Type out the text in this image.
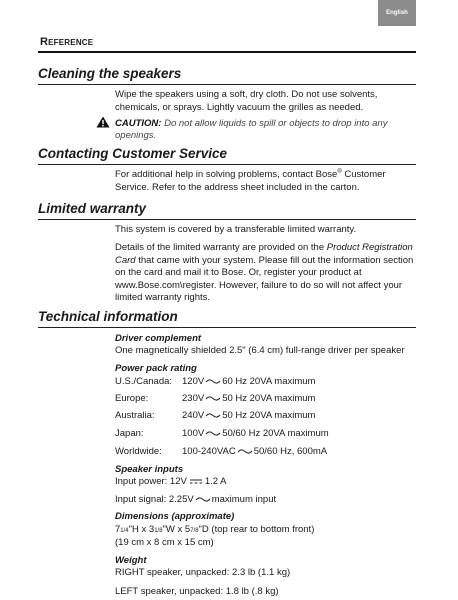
English
Reference
Cleaning the speakers

Wipe the speakers using a soft, dry cloth. Do not use solvents, chemicals, or sprays. Lightly vacuum the grilles as needed.

CAUTION: Do not allow liquids to spill or objects to drop into any openings.
Contacting Customer Service

For additional help in solving problems, contact Bose® Customer Service. Refer to the address sheet included in the carton.

Limited warranty

This system is covered by a transferable limited warranty.

Details of the limited warranty are provided on the Product Registration Card that came with your system. Please fill out the information section on the card and mail it to Bose. Or, register your product at www.Bose.com\register. However, failure to do so will not affect your limited warranty rights.

Technical information
Driver complement
One magnetically shielded 2.5" (6.4 cm) full-range driver per speaker
Power pack rating
U.S./Canada: 120V 60 Hz 20VA maximum
Europe:	230V 50 Hz 20VA maximum
Australia:	240V 50 Hz 20VA maximum
Japan:	100V 50/60 Hz 20VA maximum
Worldwide: 100-240VAC 50/60 Hz, 600mA
Speaker inputs
Input power: 12V 1.2 A
Input signal: 2.25V maximum input
Dimensions (approximate)
71/4"H x 31/8"W x 57/8"D (top rear to bottom front)
(19 cm x 8 cm x 15 cm)
Weight
RIGHT speaker, unpacked: 2.3 lb (1.1 kg)
LEFT speaker, unpacked: 1.8 lb (.8 kg)
